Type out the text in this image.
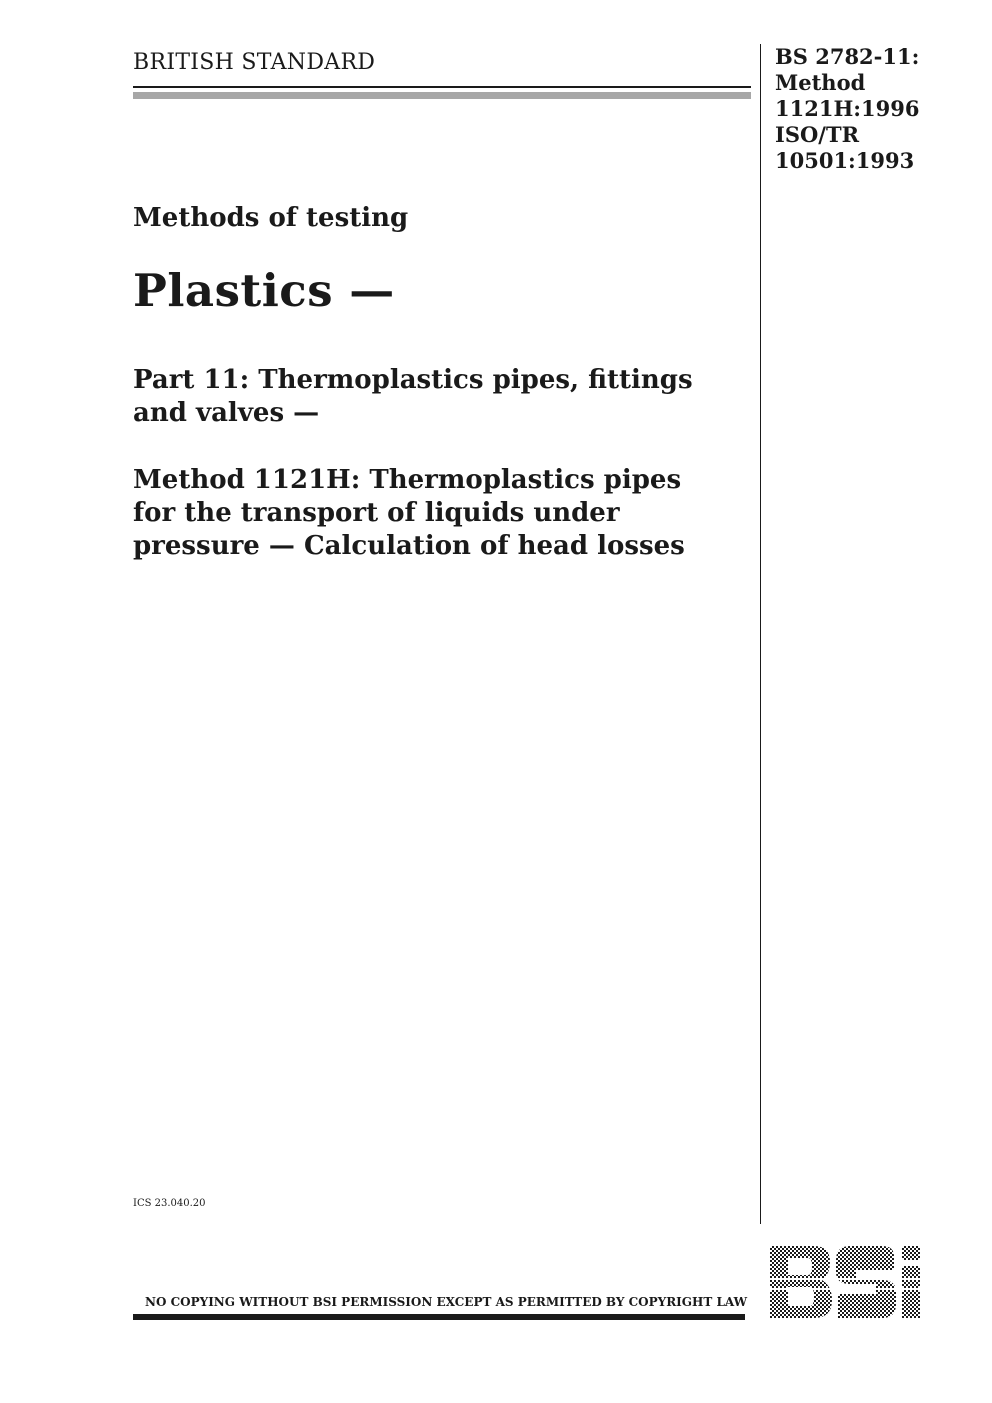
BRITISH STANDARD	BS 2782-11:
Method
1121H:1996
ISO/TR
10501:1993
Methods of testing
Plastics —
Part 11: Thermoplastics pipes, fittings
and valves —
Method 1121H: Thermoplastics pipes
for the transport of liquids under
pressure — Calculation of head losses
ICS 23.040.20
NO COPYING WITHOUT BSI PERMISSION EXCEPT AS PERMITTED BY COPYRIGHT LAW
